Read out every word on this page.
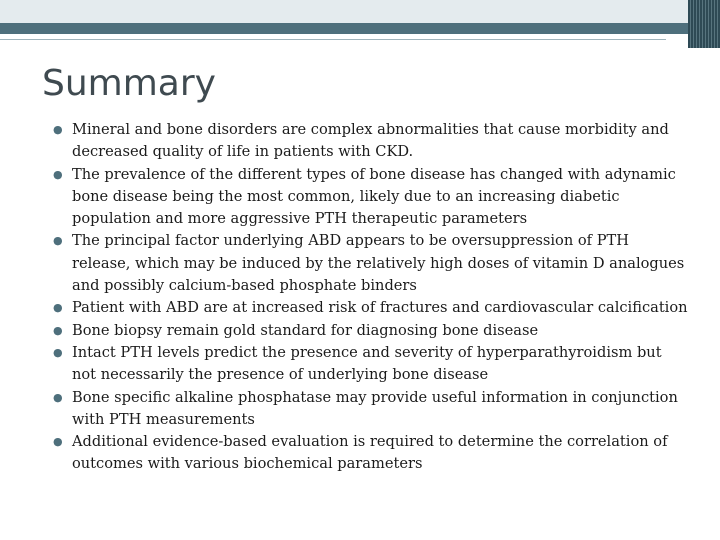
Summary
● Mineral and bone disorders are complex abnormalities that cause morbidity and decreased quality of life in patients with CKD.
● The prevalence of the different types of bone disease has changed with adynamic bone disease being the most common, likely due to an increasing diabetic population and more aggressive PTH therapeutic parameters
● The principal factor underlying ABD appears to be oversuppression of PTH release, which may be induced by the relatively high doses of vitamin D analogues and possibly calcium-based phosphate binders
● Patient with ABD are at increased risk of fractures and cardiovascular calcification
● Bone biopsy remain gold standard for diagnosing bone disease
● Intact PTH levels predict the presence and severity of hyperparathyroidism but not necessarily the presence of underlying bone disease
● Bone specific alkaline phosphatase may provide useful information in conjunction with PTH measurements
● Additional evidence-based evaluation is required to determine the correlation of outcomes with various biochemical parameters
